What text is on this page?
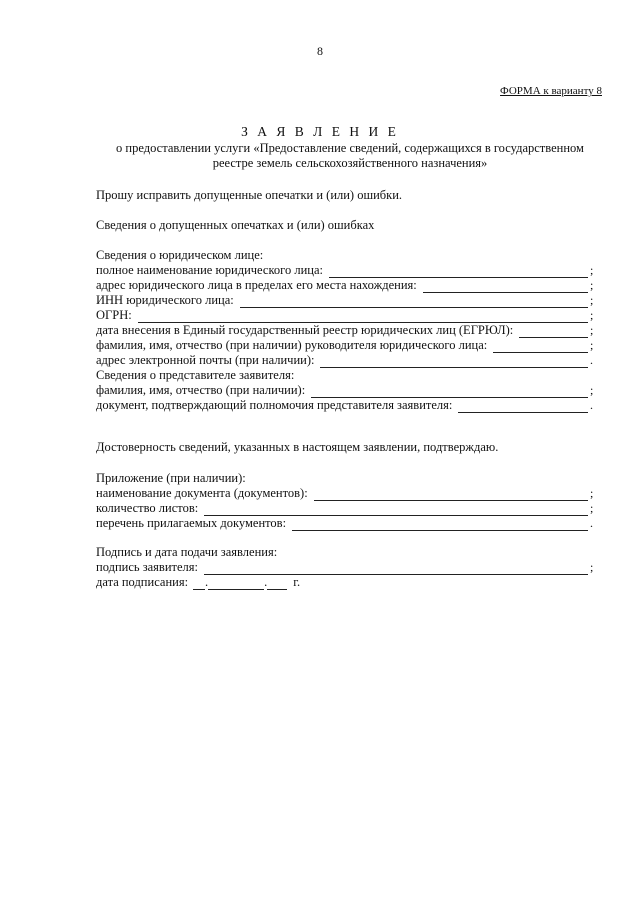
8
ФОРМА к варианту 8
З А Я В Л Е Н И Е
о предоставлении услуги «Предоставление сведений, содержащихся в государственном реестре земель сельскохозяйственного назначения»
Прошу исправить допущенные опечатки и (или) ошибки.
Сведения о допущенных опечатках и (или) ошибках
Сведения о юридическом лице:
полное наименование юридического лица:	;
адрес юридического лица в пределах его места нахождения:	;
ИНН юридического лица:	;
ОГРН:	;
дата внесения в Единый государственный реестр юридических лиц (ЕГРЮЛ):	;
фамилия, имя, отчество (при наличии) руководителя юридического лица:	;
адрес электронной почты (при наличии):	.
Сведения о представителе заявителя:
фамилия, имя, отчество (при наличии):	;
документ, подтверждающий полномочия представителя заявителя:	.
Достоверность сведений, указанных в настоящем заявлении, подтверждаю.
Приложение (при наличии):
наименование документа (документов):	;
количество листов:	;
перечень прилагаемых документов:	.
Подпись и дата подачи заявления:
подпись заявителя:	;
дата подписания: .	. г.
